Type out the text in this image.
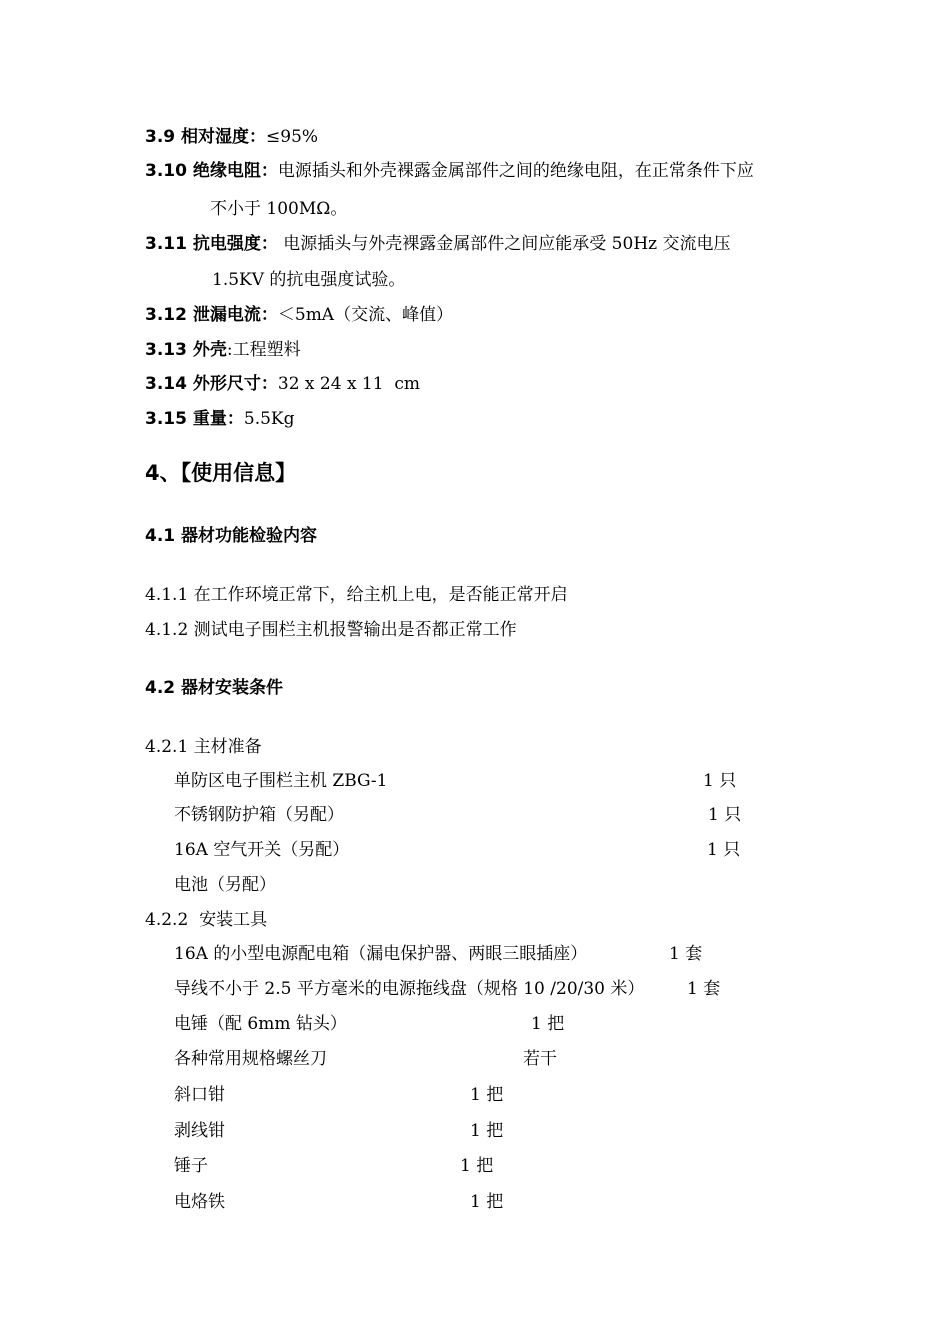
3.9 相对湿度：≤95%
3.10 绝缘电阻：电源插头和外壳裸露金属部件之间的绝缘电阻，在正常条件下应
不小于 100MΩ。
3.11 抗电强度： 电源插头与外壳裸露金属部件之间应能承受 50Hz 交流电压
1.5KV 的抗电强度试验。
3.12 泄漏电流：＜5mA（交流、峰值）
3.13 外壳:工程塑料
3.14 外形尺寸：32 x 24 x 11  cm
3.15 重量：5.5Kg
4、【使用信息】
4.1 器材功能检验内容
4.1.1 在工作环境正常下，给主机上电，是否能正常开启
4.1.2 测试电子围栏主机报警输出是否都正常工作
4.2 器材安装条件
4.2.1 主材准备
单防区电子围栏主机 ZBG-1	1 只
不锈钢防护箱（另配）	1 只
16A 空气开关（另配）	1 只
电池（另配）
4.2.2  安装工具
16A 的小型电源配电箱（漏电保护器、两眼三眼插座）	1 套
导线不小于 2.5 平方毫米的电源拖线盘（规格 10 /20/30 米）	1 套
电锤（配 6mm 钻头）	1 把
各种常用规格螺丝刀	若干
斜口钳	1 把
剥线钳	1 把
锤子	1 把
电烙铁	1 把
